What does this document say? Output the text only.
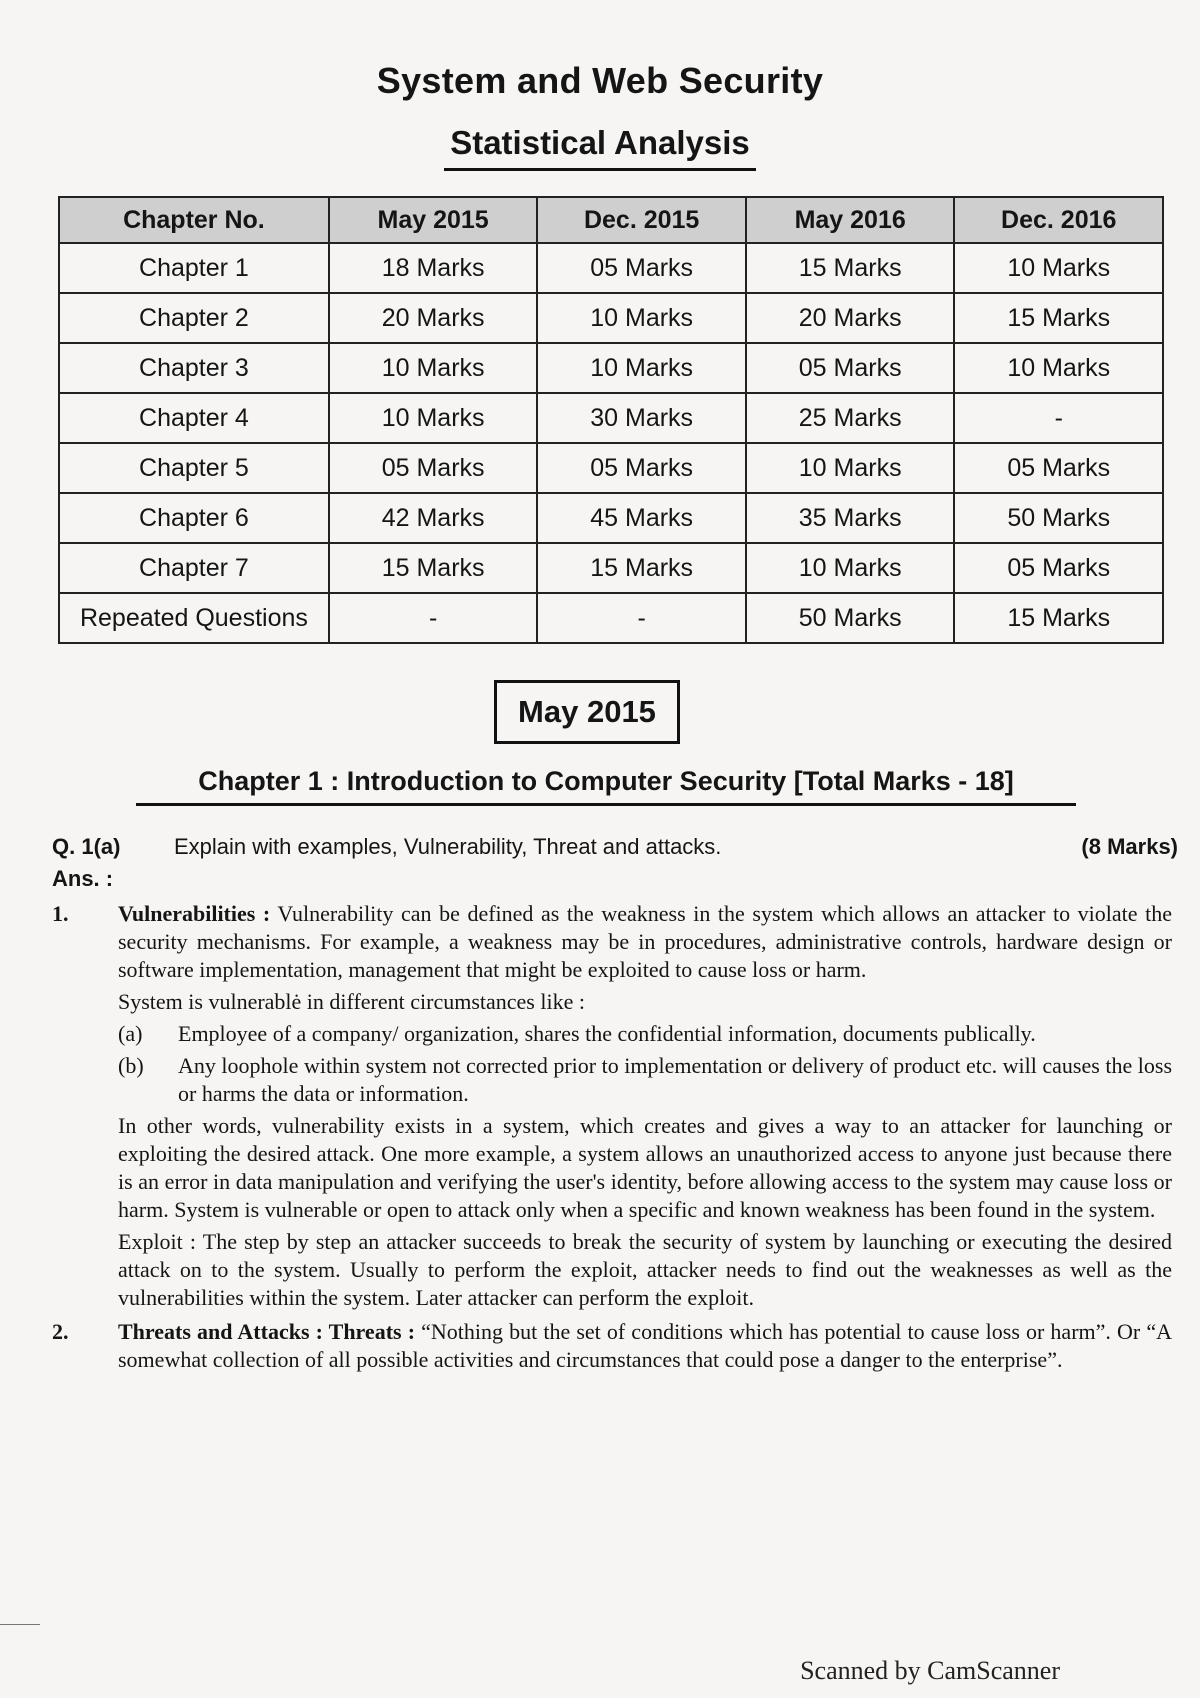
System and Web Security
Statistical Analysis
Chapter No.	May 2015	Dec. 2015	May 2016	Dec. 2016
Chapter 1	18 Marks	05 Marks	15 Marks	10 Marks
Chapter 2	20 Marks	10 Marks	20 Marks	15 Marks
Chapter 3	10 Marks	10 Marks	05 Marks	10 Marks
Chapter 4	10 Marks	30 Marks	25 Marks	-
Chapter 5	05 Marks	05 Marks	10 Marks	05 Marks
Chapter 6	42 Marks	45 Marks	35 Marks	50 Marks
Chapter 7	15 Marks	15 Marks	10 Marks	05 Marks
Repeated Questions	-	-	50 Marks	15 Marks
May 2015
Chapter 1 : Introduction to Computer Security [Total Marks - 18]
Q. 1(a) Explain with examples, Vulnerability, Threat and attacks.	(8 Marks)
Ans. :
1. Vulnerabilities : Vulnerability can be defined as the weakness in the system which allows an attacker to violate the security mechanisms. For example, a weakness may be in procedures, administrative controls, hardware design or software implementation, management that might be exploited to cause loss or harm.
System is vulnerablė in different circumstances like :
(a) Employee of a company/ organization, shares the confidential information, documents publically.
(b) Any loophole within system not corrected prior to implementation or delivery of product etc. will causes the loss or harms the data or information.
In other words, vulnerability exists in a system, which creates and gives a way to an attacker for launching or exploiting the desired attack. One more example, a system allows an unauthorized access to anyone just because there is an error in data manipulation and verifying the user's identity, before allowing access to the system may cause loss or harm. System is vulnerable or open to attack only when a specific and known weakness has been found in the system.
Exploit : The step by step an attacker succeeds to break the security of system by launching or executing the desired attack on to the system. Usually to perform the exploit, attacker needs to find out the weaknesses as well as the vulnerabilities within the system. Later attacker can perform the exploit.
2. Threats and Attacks : Threats : “Nothing but the set of conditions which has potential to cause loss or harm”. Or “A somewhat collection of all possible activities and circumstances that could pose a danger to the enterprise”.
Scanned by CamScanner
